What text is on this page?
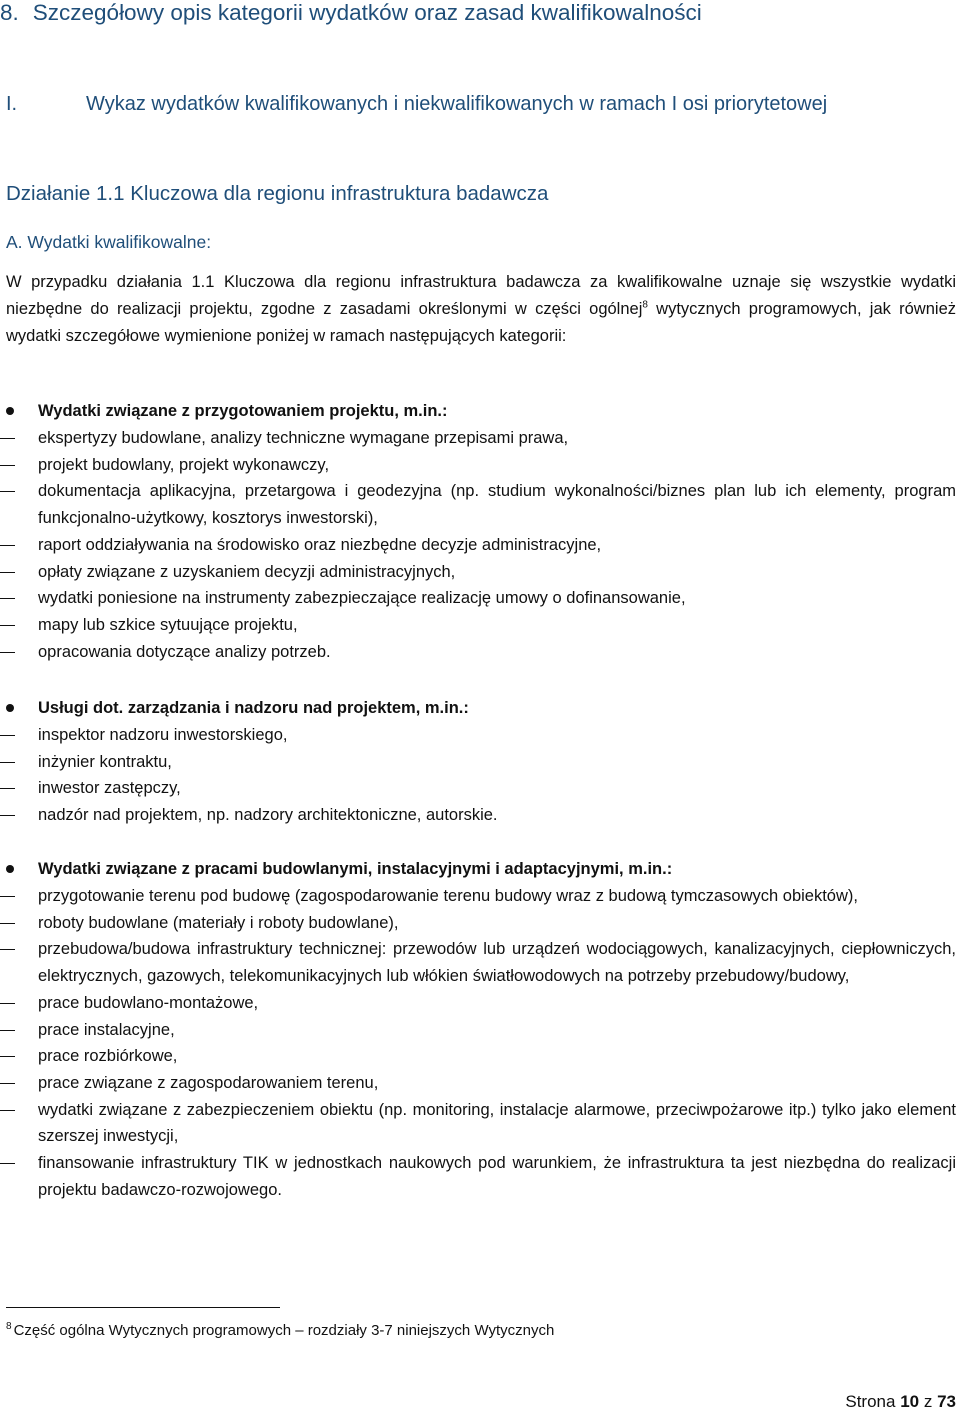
8. Szczegółowy opis kategorii wydatków oraz zasad kwalifikowalności
I.	Wykaz wydatków kwalifikowanych i niekwalifikowanych w ramach I osi priorytetowej
Działanie 1.1 Kluczowa dla regionu infrastruktura badawcza
A. Wydatki kwalifikowalne:
W przypadku działania 1.1 Kluczowa dla regionu infrastruktura badawcza za kwalifikowalne uznaje się wszystkie wydatki niezbędne do realizacji projektu, zgodne z zasadami określonymi w części ogólnej$^8$ wytycznych programowych, jak również wydatki szczegółowe wymienione poniżej w ramach następujących kategorii:
Wydatki związane z przygotowaniem projektu, m.in.:
ekspertyzy budowlane, analizy techniczne wymagane przepisami prawa,
projekt budowlany, projekt wykonawczy,
dokumentacja aplikacyjna, przetargowa i geodezyjna (np. studium wykonalności/biznes plan lub ich elementy, program funkcjonalno-użytkowy, kosztorys inwestorski),
raport oddziaływania na środowisko oraz niezbędne decyzje administracyjne,
opłaty związane z uzyskaniem decyzji administracyjnych,
wydatki poniesione na instrumenty zabezpieczające realizację umowy o dofinansowanie,
mapy lub szkice sytuujące projektu,
opracowania dotyczące analizy potrzeb.
Usługi dot. zarządzania i nadzoru nad projektem, m.in.:
inspektor nadzoru inwestorskiego,
inżynier kontraktu,
inwestor zastępczy,
nadzór nad projektem, np. nadzory architektoniczne, autorskie.
Wydatki związane z pracami budowlanymi, instalacyjnymi i adaptacyjnymi, m.in.:
przygotowanie terenu pod budowę (zagospodarowanie terenu budowy wraz z budową tymczasowych obiektów),
roboty budowlane (materiały i roboty budowlane),
przebudowa/budowa infrastruktury technicznej: przewodów lub urządzeń wodociągowych, kanalizacyjnych, ciepłowniczych, elektrycznych, gazowych, telekomunikacyjnych lub włókien światłowodowych na potrzeby przebudowy/budowy,
prace budowlano-montażowe,
prace instalacyjne,
prace rozbiórkowe,
prace związane z zagospodarowaniem terenu,
wydatki związane z zabezpieczeniem obiektu (np. monitoring, instalacje alarmowe, przeciwpożarowe itp.) tylko jako element szerszej inwestycji,
finansowanie infrastruktury TIK w jednostkach naukowych pod warunkiem, że infrastruktura ta jest niezbędna do realizacji projektu badawczo-rozwojowego.
$^8$ Część ogólna Wytycznych programowych – rozdziały 3-7 niniejszych Wytycznych
Strona 10 z 73
